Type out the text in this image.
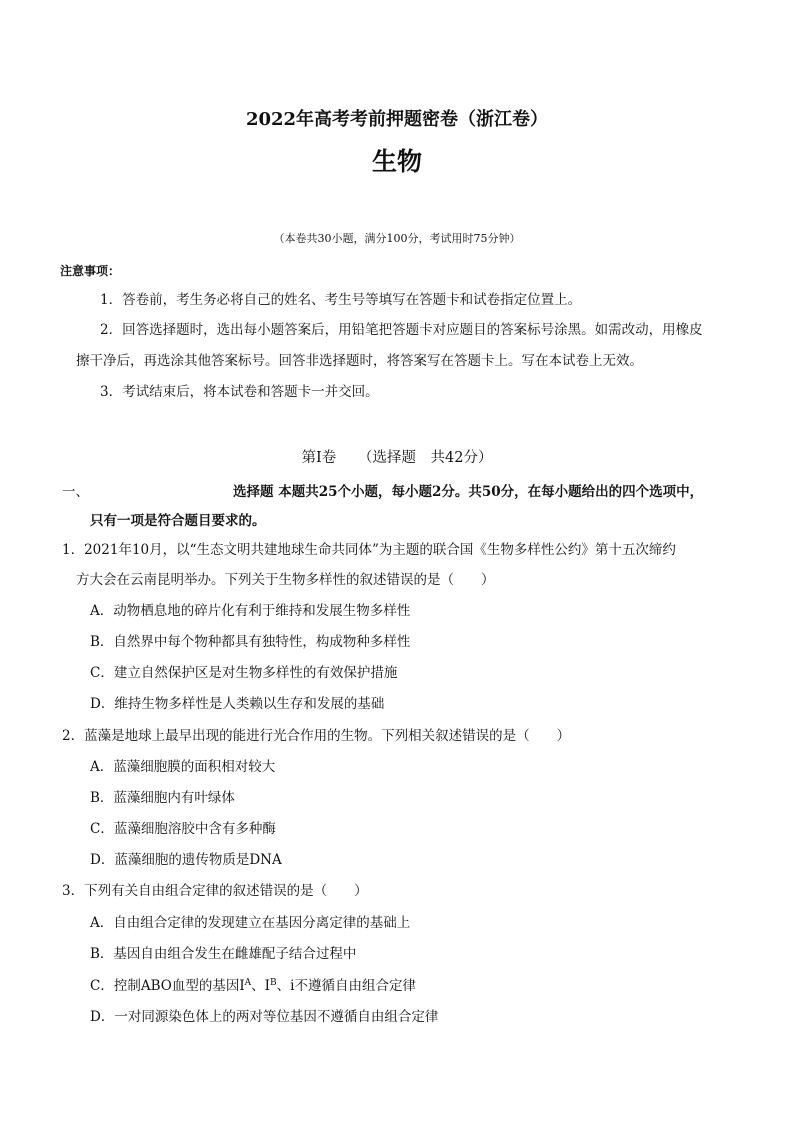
2022年高考考前押题密卷（浙江卷）
生物
（本卷共30小题，满分100分，考试用时75分钟）
注意事项：
1．答卷前，考生务必将自己的姓名、考生号等填写在答题卡和试卷指定位置上。
2．回答选择题时，选出每小题答案后，用铅笔把答题卡对应题目的答案标号涂黑。如需改动，用橡皮
擦干净后，再选涂其他答案标号。回答非选择题时，将答案写在答题卡上。写在本试卷上无效。
3．考试结束后，将本试卷和答题卡一并交回。
第Ⅰ卷　　（选择题　共42分）
一、	选择题 本题共25个小题，每小题2分。共50分，在每小题给出的四个选项中，
只有一项是符合题目要求的。
1．2021年10月，以“生态文明共建地球生命共同体”为主题的联合国《生物多样性公约》第十五次缔约
方大会在云南昆明举办。下列关于生物多样性的叙述错误的是（　　）
A．动物栖息地的碎片化有利于维持和发展生物多样性
B．自然界中每个物种都具有独特性，构成物种多样性
C．建立自然保护区是对生物多样性的有效保护措施
D．维持生物多样性是人类赖以生存和发展的基础
2．蓝藻是地球上最早出现的能进行光合作用的生物。下列相关叙述错误的是（　　）
A．蓝藻细胞膜的面积相对较大
B．蓝藻细胞内有叶绿体
C．蓝藻细胞溶胶中含有多种酶
D．蓝藻细胞的遗传物质是DNA
3．下列有关自由组合定律的叙述错误的是（　　）
A．自由组合定律的发现建立在基因分离定律的基础上
B．基因自由组合发生在雌雄配子结合过程中
C．控制ABO血型的基因$I^A$、$I^B$、i不遵循自由组合定律
D．一对同源染色体上的两对等位基因不遵循自由组合定律
